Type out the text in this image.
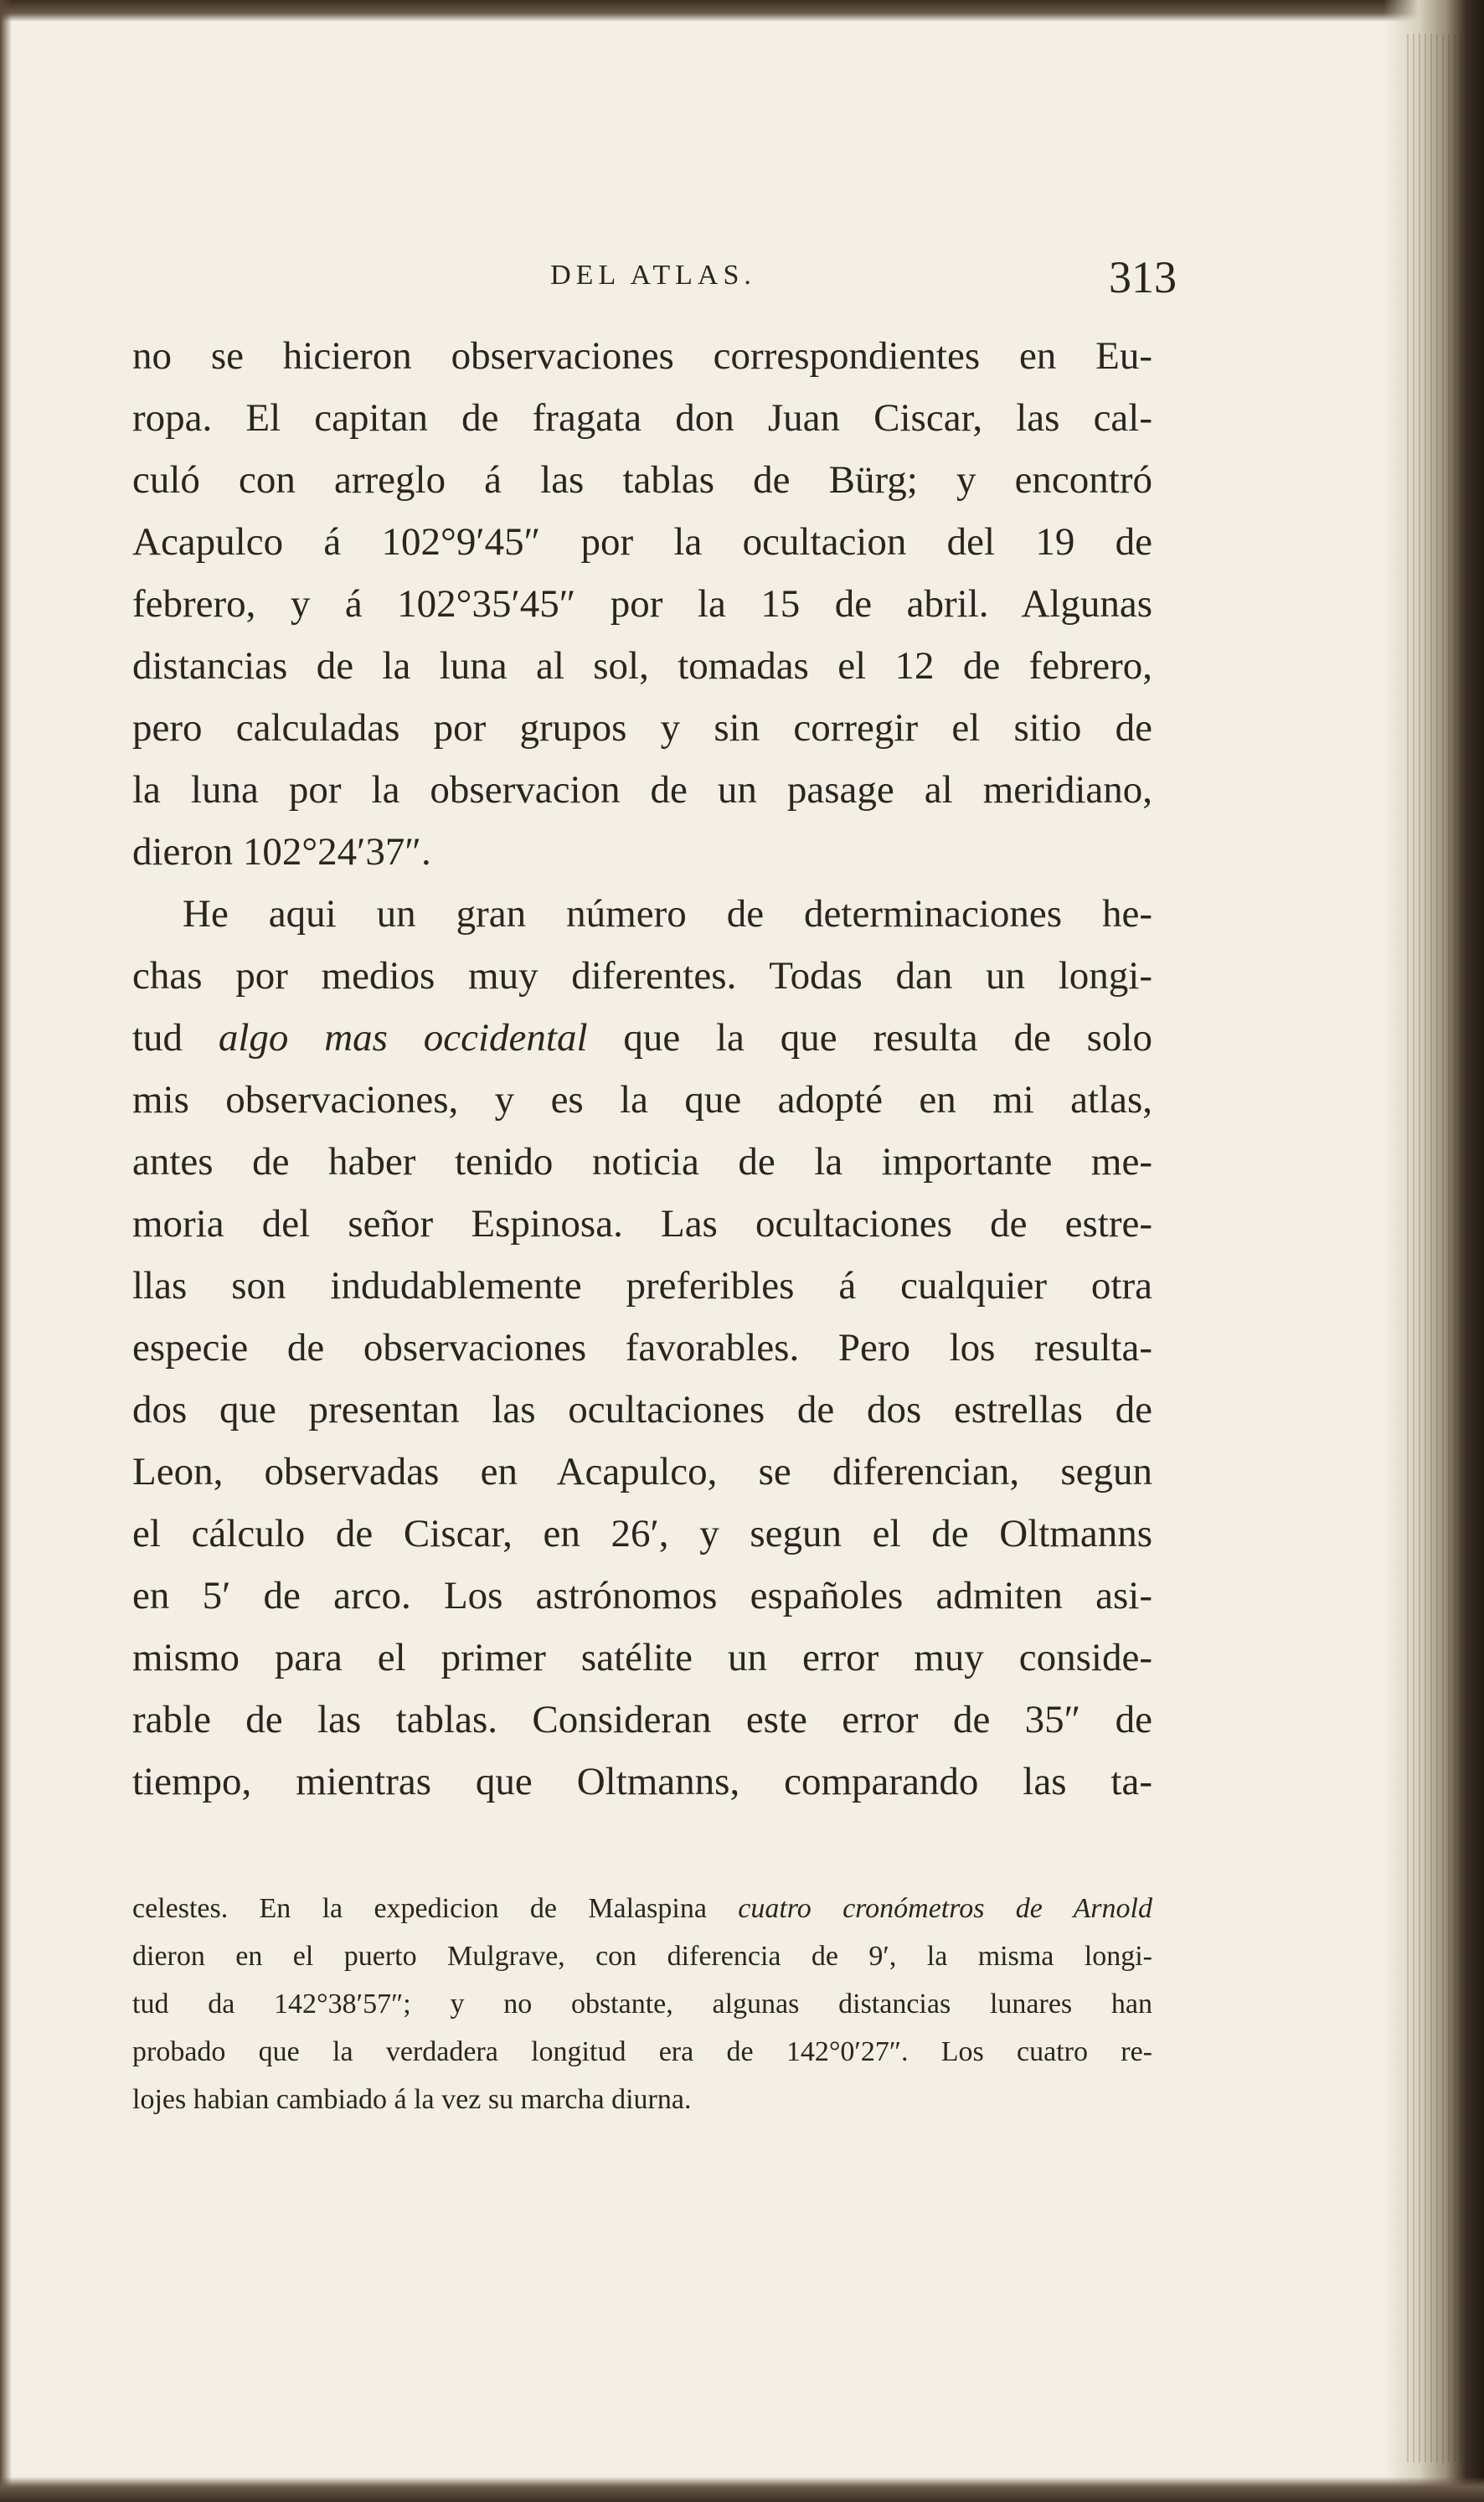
DEL ATLAS.	313
no se hicieron observaciones correspondientes en Eu-
ropa. El capitan de fragata don Juan Ciscar, las cal-
culó con arreglo á las tablas de Bürg; y encontró
Acapulco á 102°9′45″ por la ocultacion del 19 de
febrero, y á 102°35′45″ por la 15 de abril. Algunas
distancias de la luna al sol, tomadas el 12 de febrero,
pero calculadas por grupos y sin corregir el sitio de
la luna por la observacion de un pasage al meridiano,
dieron 102°24′37″.
He aqui un gran número de determinaciones he-
chas por medios muy diferentes. Todas dan un longi-
tud algo mas occidental que la que resulta de solo
mis observaciones, y es la que adopté en mi atlas,
antes de haber tenido noticia de la importante me-
moria del señor Espinosa. Las ocultaciones de estre-
llas son indudablemente preferibles á cualquier otra
especie de observaciones favorables. Pero los resulta-
dos que presentan las ocultaciones de dos estrellas de
Leon, observadas en Acapulco, se diferencian, segun
el cálculo de Ciscar, en 26′, y segun el de Oltmanns
en 5′ de arco. Los astrónomos españoles admiten asi-
mismo para el primer satélite un error muy conside-
rable de las tablas. Consideran este error de 35″ de
tiempo, mientras que Oltmanns, comparando las ta-
celestes. En la expedicion de Malaspina cuatro cronómetros de Arnold
dieron en el puerto Mulgrave, con diferencia de 9′, la misma longi-
tud da 142°38′57″; y no obstante, algunas distancias lunares han
probado que la verdadera longitud era de 142°0′27″. Los cuatro re-
lojes habian cambiado á la vez su marcha diurna.
